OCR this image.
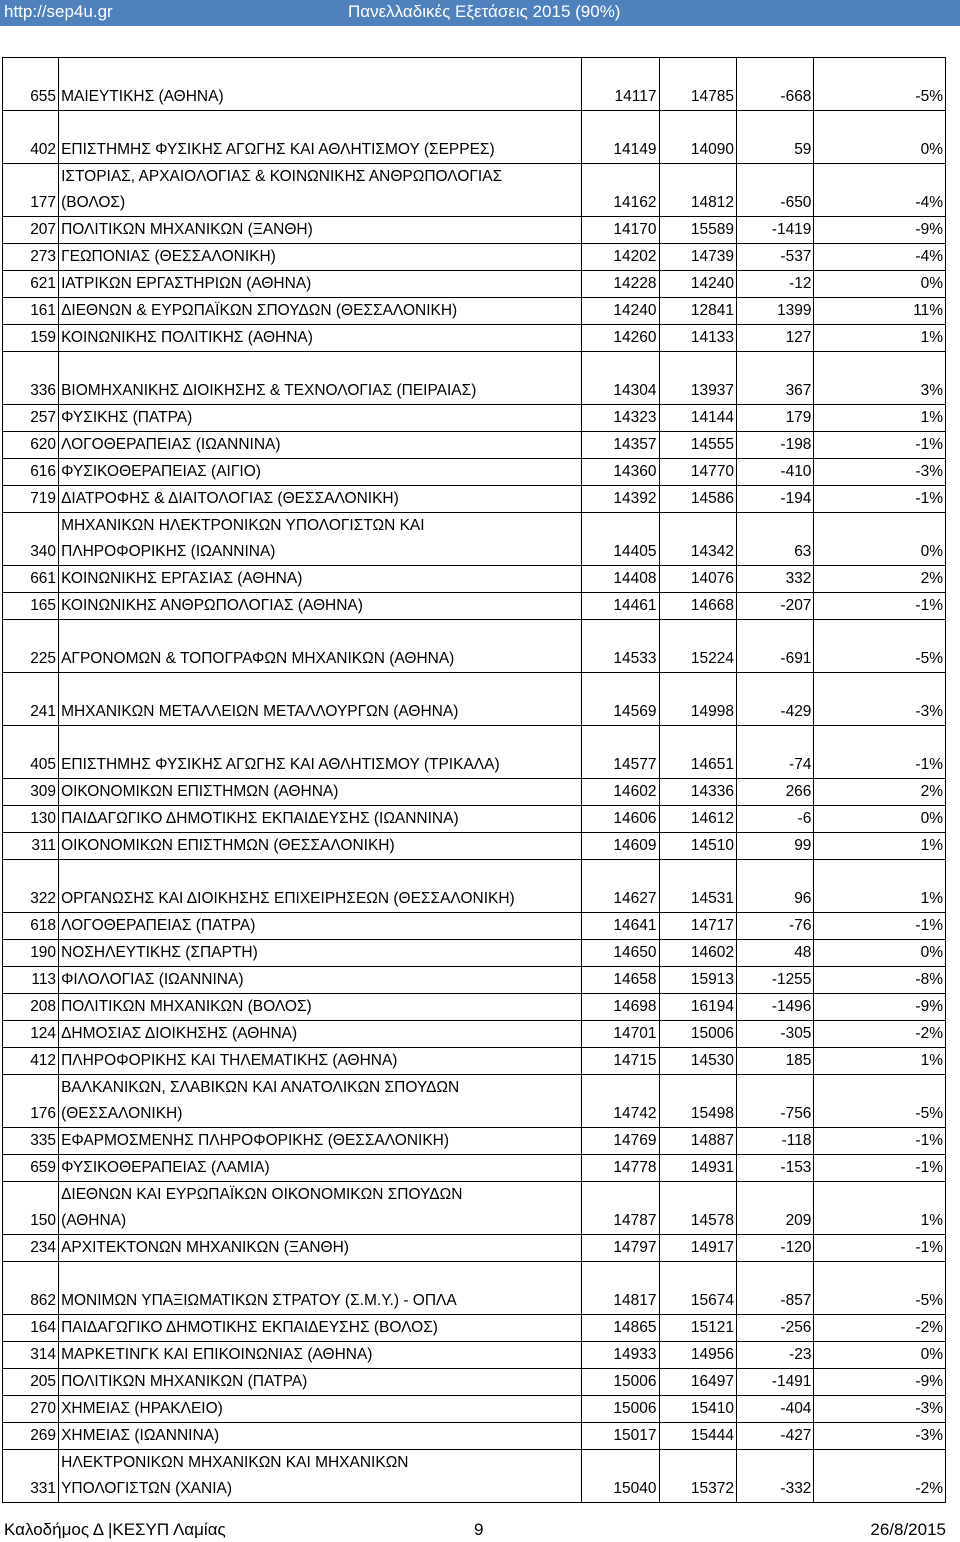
http://sep4u.gr	Πανελλαδικές Εξετάσεις 2015 (90%)
655	ΜΑΙΕΥΤΙΚΗΣ (ΑΘΗΝΑ)	14117	14785	-668	-5%
402	ΕΠΙΣΤΗΜΗΣ ΦΥΣΙΚΗΣ ΑΓΩΓΗΣ ΚΑΙ ΑΘΛΗΤΙΣΜΟΥ (ΣΕΡΡΕΣ)	14149	14090	59	0%
177	ΙΣΤΟΡΙΑΣ, ΑΡΧΑΙΟΛΟΓΙΑΣ & ΚΟΙΝΩΝΙΚΗΣ ΑΝΘΡΩΠΟΛΟΓΙΑΣ
(ΒΟΛΟΣ)	14162	14812	-650	-4%
207	ΠΟΛΙΤΙΚΩΝ ΜΗΧΑΝΙΚΩΝ (ΞΑΝΘΗ)	14170	15589	-1419	-9%
273	ΓΕΩΠΟΝΙΑΣ (ΘΕΣΣΑΛΟΝΙΚΗ)	14202	14739	-537	-4%
621	ΙΑΤΡΙΚΩΝ ΕΡΓΑΣΤΗΡΙΩΝ (ΑΘΗΝΑ)	14228	14240	-12	0%
161	ΔΙΕΘΝΩΝ & ΕΥΡΩΠΑΪΚΩΝ ΣΠΟΥΔΩΝ (ΘΕΣΣΑΛΟΝΙΚΗ)	14240	12841	1399	11%
159	ΚΟΙΝΩΝΙΚΗΣ ΠΟΛΙΤΙΚΗΣ (ΑΘΗΝΑ)	14260	14133	127	1%
336	ΒΙΟΜΗΧΑΝΙΚΗΣ ΔΙΟΙΚΗΣΗΣ & ΤΕΧΝΟΛΟΓΙΑΣ (ΠΕΙΡΑΙΑΣ)	14304	13937	367	3%
257	ΦΥΣΙΚΗΣ (ΠΑΤΡΑ)	14323	14144	179	1%
620	ΛΟΓΟΘΕΡΑΠΕΙΑΣ (ΙΩΑΝΝΙΝΑ)	14357	14555	-198	-1%
616	ΦΥΣΙΚΟΘΕΡΑΠΕΙΑΣ (ΑΙΓΙΟ)	14360	14770	-410	-3%
719	ΔΙΑΤΡΟΦΗΣ & ΔΙΑΙΤΟΛΟΓΙΑΣ (ΘΕΣΣΑΛΟΝΙΚΗ)	14392	14586	-194	-1%
340	ΜΗΧΑΝΙΚΩΝ ΗΛΕΚΤΡΟΝΙΚΩΝ ΥΠΟΛΟΓΙΣΤΩΝ ΚΑΙ
ΠΛΗΡΟΦΟΡΙΚΗΣ (ΙΩΑΝΝΙΝΑ)	14405	14342	63	0%
661	ΚΟΙΝΩΝΙΚΗΣ ΕΡΓΑΣΙΑΣ (ΑΘΗΝΑ)	14408	14076	332	2%
165	ΚΟΙΝΩΝΙΚΗΣ ΑΝΘΡΩΠΟΛΟΓΙΑΣ (ΑΘΗΝΑ)	14461	14668	-207	-1%
225	ΑΓΡΟΝΟΜΩΝ & ΤΟΠΟΓΡΑΦΩΝ ΜΗΧΑΝΙΚΩΝ (ΑΘΗΝΑ)	14533	15224	-691	-5%
241	ΜΗΧΑΝΙΚΩΝ ΜΕΤΑΛΛΕΙΩΝ ΜΕΤΑΛΛΟΥΡΓΩΝ (ΑΘΗΝΑ)	14569	14998	-429	-3%
405	ΕΠΙΣΤΗΜΗΣ ΦΥΣΙΚΗΣ ΑΓΩΓΗΣ ΚΑΙ ΑΘΛΗΤΙΣΜΟΥ (ΤΡΙΚΑΛΑ)	14577	14651	-74	-1%
309	ΟΙΚΟΝΟΜΙΚΩΝ ΕΠΙΣΤΗΜΩΝ (ΑΘΗΝΑ)	14602	14336	266	2%
130	ΠΑΙΔΑΓΩΓΙΚΟ ΔΗΜΟΤΙΚΗΣ ΕΚΠΑΙΔΕΥΣΗΣ (ΙΩΑΝΝΙΝΑ)	14606	14612	-6	0%
311	ΟΙΚΟΝΟΜΙΚΩΝ ΕΠΙΣΤΗΜΩΝ (ΘΕΣΣΑΛΟΝΙΚΗ)	14609	14510	99	1%
322	ΟΡΓΑΝΩΣΗΣ ΚΑΙ ΔΙΟΙΚΗΣΗΣ ΕΠΙΧΕΙΡΗΣΕΩΝ (ΘΕΣΣΑΛΟΝΙΚΗ)	14627	14531	96	1%
618	ΛΟΓΟΘΕΡΑΠΕΙΑΣ (ΠΑΤΡΑ)	14641	14717	-76	-1%
190	ΝΟΣΗΛΕΥΤΙΚΗΣ (ΣΠΑΡΤΗ)	14650	14602	48	0%
113	ΦΙΛΟΛΟΓΙΑΣ (ΙΩΑΝΝΙΝΑ)	14658	15913	-1255	-8%
208	ΠΟΛΙΤΙΚΩΝ ΜΗΧΑΝΙΚΩΝ (ΒΟΛΟΣ)	14698	16194	-1496	-9%
124	ΔΗΜΟΣΙΑΣ ΔΙΟΙΚΗΣΗΣ (ΑΘΗΝΑ)	14701	15006	-305	-2%
412	ΠΛΗΡΟΦΟΡΙΚΗΣ ΚΑΙ ΤΗΛΕΜΑΤΙΚΗΣ (ΑΘΗΝΑ)	14715	14530	185	1%
176	ΒΑΛΚΑΝΙΚΩΝ, ΣΛΑΒΙΚΩΝ ΚΑΙ ΑΝΑΤΟΛΙΚΩΝ ΣΠΟΥΔΩΝ
(ΘΕΣΣΑΛΟΝΙΚΗ)	14742	15498	-756	-5%
335	ΕΦΑΡΜΟΣΜΕΝΗΣ ΠΛΗΡΟΦΟΡΙΚΗΣ (ΘΕΣΣΑΛΟΝΙΚΗ)	14769	14887	-118	-1%
659	ΦΥΣΙΚΟΘΕΡΑΠΕΙΑΣ (ΛΑΜΙΑ)	14778	14931	-153	-1%
150	ΔΙΕΘΝΩΝ ΚΑΙ ΕΥΡΩΠΑΪΚΩΝ ΟΙΚΟΝΟΜΙΚΩΝ ΣΠΟΥΔΩΝ
(ΑΘΗΝΑ)	14787	14578	209	1%
234	ΑΡΧΙΤΕΚΤΟΝΩΝ ΜΗΧΑΝΙΚΩΝ (ΞΑΝΘΗ)	14797	14917	-120	-1%
862	ΜΟΝΙΜΩΝ ΥΠΑΞΙΩΜΑΤΙΚΩΝ ΣΤΡΑΤΟΥ (Σ.Μ.Υ.) - ΟΠΛΑ	14817	15674	-857	-5%
164	ΠΑΙΔΑΓΩΓΙΚΟ ΔΗΜΟΤΙΚΗΣ ΕΚΠΑΙΔΕΥΣΗΣ (ΒΟΛΟΣ)	14865	15121	-256	-2%
314	ΜΑΡΚΕΤΙΝΓΚ ΚΑΙ ΕΠΙΚΟΙΝΩΝΙΑΣ (ΑΘΗΝΑ)	14933	14956	-23	0%
205	ΠΟΛΙΤΙΚΩΝ ΜΗΧΑΝΙΚΩΝ (ΠΑΤΡΑ)	15006	16497	-1491	-9%
270	ΧΗΜΕΙΑΣ (ΗΡΑΚΛΕΙΟ)	15006	15410	-404	-3%
269	ΧΗΜΕΙΑΣ (ΙΩΑΝΝΙΝΑ)	15017	15444	-427	-3%
331	ΗΛΕΚΤΡΟΝΙΚΩΝ ΜΗΧΑΝΙΚΩΝ ΚΑΙ ΜΗΧΑΝΙΚΩΝ
ΥΠΟΛΟΓΙΣΤΩΝ (ΧΑΝΙΑ)	15040	15372	-332	-2%
Καλοδήμος Δ |ΚΕΣΥΠ Λαμίας	9	26/8/2015
